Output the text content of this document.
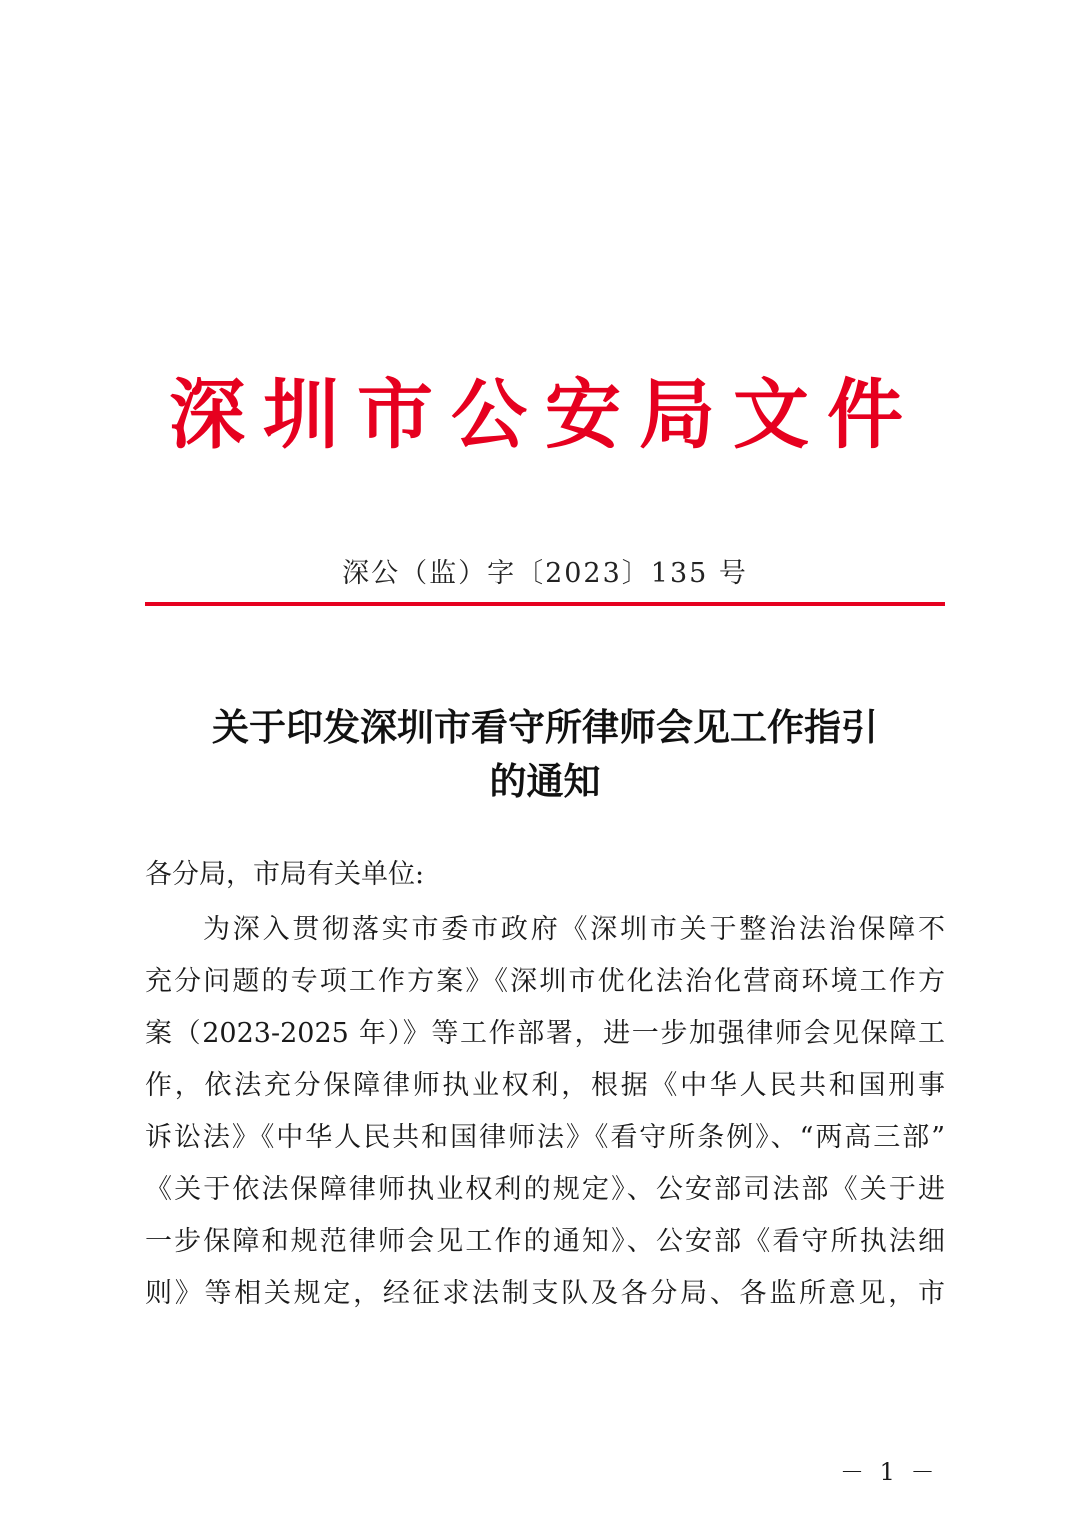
深圳市公安局文件
深公（监）字〔2023〕135 号
关于印发深圳市看守所律师会见工作指引
的通知
各分局，市局有关单位:
为深入贯彻落实市委市政府《深圳市关于整治法治保障不
充分问题的专项工作方案》《深圳市优化法治化营商环境工作方
案（2023-2025 年）》等工作部署，进一步加强律师会见保障工
作，依法充分保障律师执业权利，根据《中华人民共和国刑事
诉讼法》《中华人民共和国律师法》《看守所条例》、“两高三部”
《关于依法保障律师执业权利的规定》、公安部司法部《关于进
一步保障和规范律师会见工作的通知》、公安部《看守所执法细
则》等相关规定，经征求法制支队及各分局、各监所意见，市
－ 1 －
